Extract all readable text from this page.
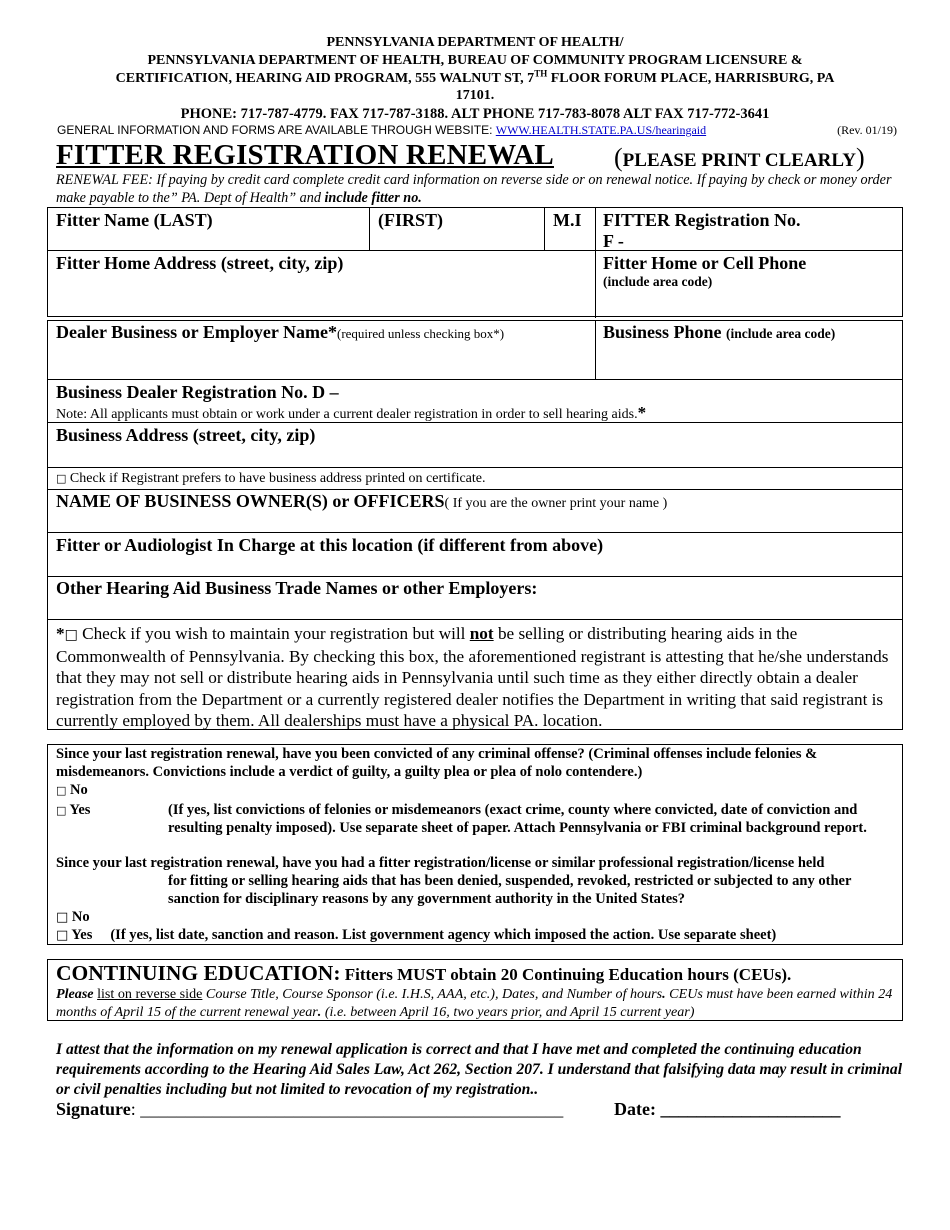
PENNSYLVANIA DEPARTMENT OF HEALTH/
PENNSYLVANIA DEPARTMENT OF HEALTH, BUREAU OF COMMUNITY PROGRAM LICENSURE &
CERTIFICATION, HEARING AID PROGRAM, 555 WALNUT ST, 7TH FLOOR FORUM PLACE, HARRISBURG, PA
17101.
PHONE: 717-787-4779. FAX 717-787-3188. ALT PHONE 717-783-8078 ALT FAX 717-772-3641
GENERAL INFORMATION AND FORMS ARE AVAILABLE THROUGH WEBSITE: WWW.HEALTH.STATE.PA.US/hearingaid	(Rev. 01/19)
FITTER REGISTRATION RENEWAL (PLEASE PRINT CLEARLY)
RENEWAL FEE: If paying by credit card complete credit card information on reverse side or on renewal notice. If paying by check or money order make payable to the” PA. Dept of Health” and include fitter no.
Fitter Name (LAST)	(FIRST)	M.I FITTER Registration No.
F -
Fitter Home Address (street, city, zip)	Fitter Home or Cell Phone
(include area code)
Dealer Business or Employer Name*(required unless checking box*)	Business Phone (include area code)
Business Dealer Registration No. D –
Note: All applicants must obtain or work under a current dealer registration in order to sell hearing aids.*
Business Address (street, city, zip)
□ Check if Registrant prefers to have business address printed on certificate.
NAME OF BUSINESS OWNER(S) or OFFICERS( If you are the owner print your name )
Fitter or Audiologist In Charge at this location (if different from above)
Other Hearing Aid Business Trade Names or other Employers:
*□ Check if you wish to maintain your registration but will not be selling or distributing hearing aids in the Commonwealth of Pennsylvania. By checking this box, the aforementioned registrant is attesting that he/she understands that they may not sell or distribute hearing aids in Pennsylvania until such time as they either directly obtain a dealer registration from the Department or a currently registered dealer notifies the Department in writing that said registrant is currently employed by them. All dealerships must have a physical PA. location.
Since your last registration renewal, have you been convicted of any criminal offense? (Criminal offenses include felonies & misdemeanors. Convictions include a verdict of guilty, a guilty plea or plea of nolo contendere.)
□ No
□ Yes	(If yes, list convictions of felonies or misdemeanors (exact crime, county where convicted, date of conviction and resulting penalty imposed). Use separate sheet of paper. Attach Pennsylvania or FBI criminal background report.
Since your last registration renewal, have you had a fitter registration/license or similar professional registration/license held
for fitting or selling hearing aids that has been denied, suspended, revoked, restricted or subjected to any other sanction for disciplinary reasons by any government authority in the United States?
□ No
□ Yes (If yes, list date, sanction and reason. List government agency which imposed the action. Use separate sheet)
CONTINUING EDUCATION: Fitters MUST obtain 20 Continuing Education hours (CEUs).
Please list on reverse side Course Title, Course Sponsor (i.e. I.H.S, AAA, etc.), Dates, and Number of hours. CEUs must have been earned within 24 months of April 15 of the current renewal year. (i.e. between April 16, two years prior, and April 15 current year)
I attest that the information on my renewal application is correct and that I have met and completed the continuing education requirements according to the Hearing Aid Sales Law, Act 262, Section 207. I understand that falsifying data may result in criminal or civil penalties including but not limited to revocation of my registration..
Signature: _______________________________________________	Date: ____________________
